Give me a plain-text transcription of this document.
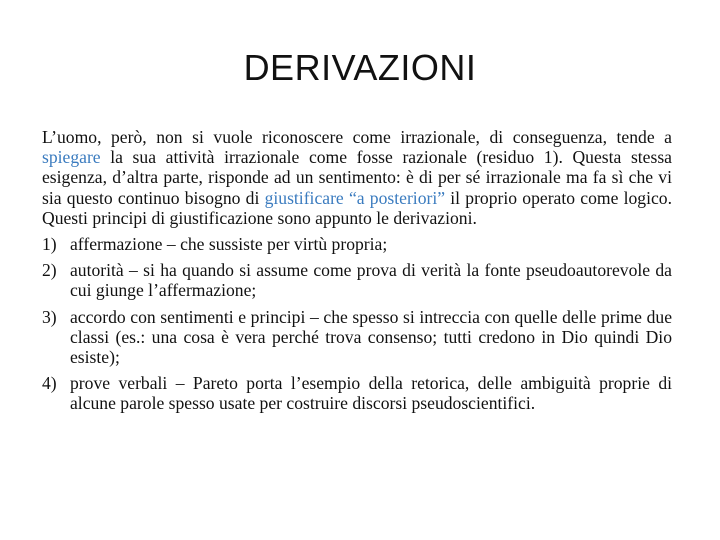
DERIVAZIONI

L’uomo, però, non si vuole riconoscere come irrazionale, di conseguenza, tende a spiegare la sua attività irrazionale come fosse razionale (residuo 1). Questa stessa esigenza, d’altra parte, risponde ad un sentimento: è di per sé irrazionale ma fa sì che vi sia questo continuo bisogno di giustificare “a posteriori” il proprio operato come logico. Questi principi di giustificazione sono appunto le derivazioni.

1) affermazione – che sussiste per virtù propria;
2) autorità – si ha quando si assume come prova di verità la fonte pseudoautorevole da cui giunge l’affermazione;
3) accordo con sentimenti e principi – che spesso si intreccia con quelle delle prime due classi (es.: una cosa è vera perché trova consenso; tutti credono in Dio quindi Dio esiste);
4) prove verbali – Pareto porta l’esempio della retorica, delle ambiguità proprie di alcune parole spesso usate per costruire discorsi pseudoscientifici.
